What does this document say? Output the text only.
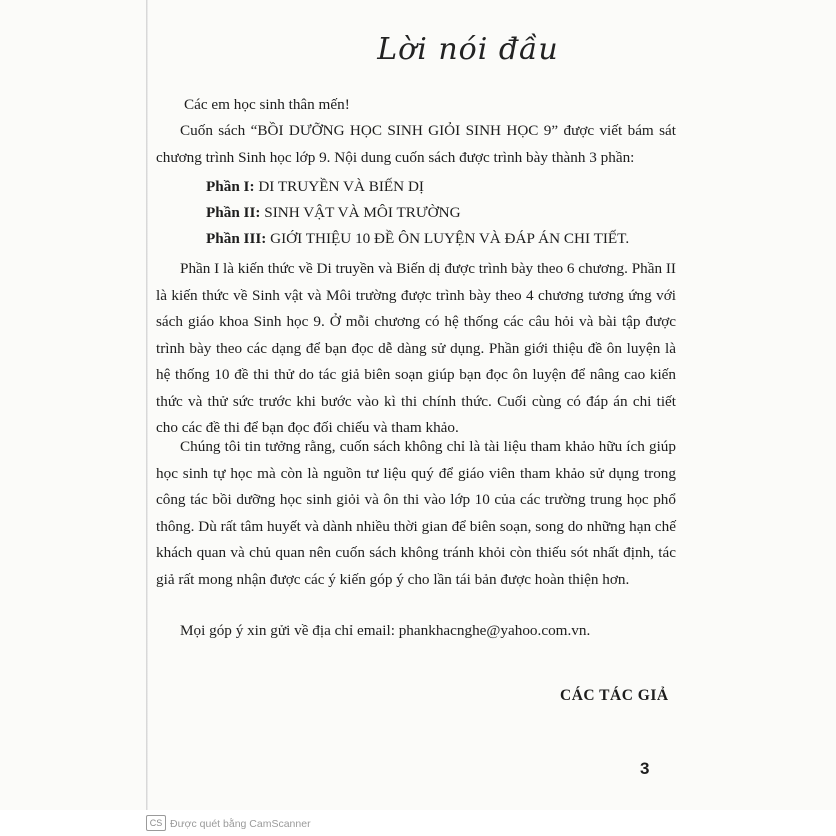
Lời nói đầu

Các em học sinh thân mến!

Cuốn sách “BỒI DƯỠNG HỌC SINH GIỎI SINH HỌC 9” được viết bám sát chương trình Sinh học lớp 9. Nội dung cuốn sách được trình bày thành 3 phần:

Phần I: DI TRUYỀN VÀ BIẾN DỊ
Phần II: SINH VẬT VÀ MÔI TRƯỜNG
Phần III: GIỚI THIỆU 10 ĐỀ ÔN LUYỆN VÀ ĐÁP ÁN CHI TIẾT.

Phần I là kiến thức về Di truyền và Biến dị được trình bày theo 6 chương. Phần II là kiến thức về Sinh vật và Môi trường được trình bày theo 4 chương tương ứng với sách giáo khoa Sinh học 9. Ở mỗi chương có hệ thống các câu hỏi và bài tập được trình bày theo các dạng để bạn đọc dễ dàng sử dụng. Phần giới thiệu đề ôn luyện là hệ thống 10 đề thi thử do tác giả biên soạn giúp bạn đọc ôn luyện để nâng cao kiến thức và thử sức trước khi bước vào kì thi chính thức. Cuối cùng có đáp án chi tiết cho các đề thi để bạn đọc đối chiếu và tham khảo.

Chúng tôi tin tưởng rằng, cuốn sách không chỉ là tài liệu tham khảo hữu ích giúp học sinh tự học mà còn là nguồn tư liệu quý để giáo viên tham khảo sử dụng trong công tác bồi dưỡng học sinh giỏi và ôn thi vào lớp 10 của các trường trung học phổ thông. Dù rất tâm huyết và dành nhiều thời gian để biên soạn, song do những hạn chế khách quan và chủ quan nên cuốn sách không tránh khỏi còn thiếu sót nhất định, tác giả rất mong nhận được các ý kiến góp ý cho lần tái bản được hoàn thiện hơn.

Mọi góp ý xin gửi về địa chỉ email: phankhacnghe@yahoo.com.vn.

CÁC TÁC GIẢ
3
CS Được quét bằng CamScanner
